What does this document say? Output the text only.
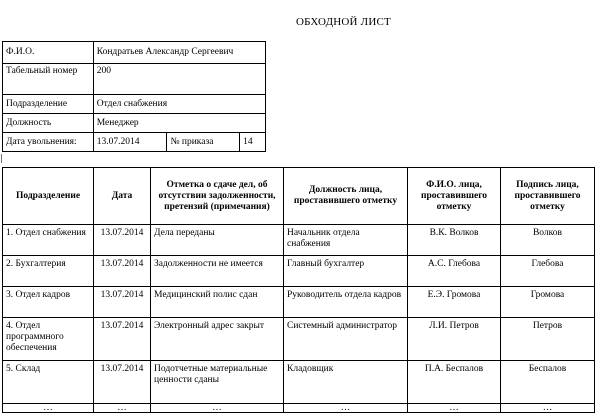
ОБХОДНОЙ ЛИСТ
Ф.И.О.	Кондратьев Александр Сергеевич		
Табельный номер	200		
Подразделение	Отдел снабжения		
Должность	Менеджер		
Дата увольнения:	13.07.2014	№ приказа	14
Подразделение	Дата	Отметка о сдаче дел, об отсутствии задолженности, претензий (примечания)	Должность лица, проставившего отметку	Ф.И.О. лица, проставившего отметку	Подпись лица, проставившего отметку
1. Отдел снабжения	13.07.2014	Дела переданы	Начальник отдела снабжения	В.К. Волков	Волков
2. Бухгалтерия	13.07.2014	Задолженности не имеется	Главный бухгалтер	А.С. Глебова	Глебова
3. Отдел кадров	13.07.2014	Медицинский полис сдан	Руководитель отдела кадров	Е.Э. Громова	Громова
4. Отдел программного обеспечения	13.07.2014	Электронный адрес закрыт	Системный администратор	Л.И. Петров	Петров
5. Склад	13.07.2014	Подотчетные материальные ценности сданы	Кладовщик	П.А. Беспалов	Беспалов
…	…	…	…	…	…
